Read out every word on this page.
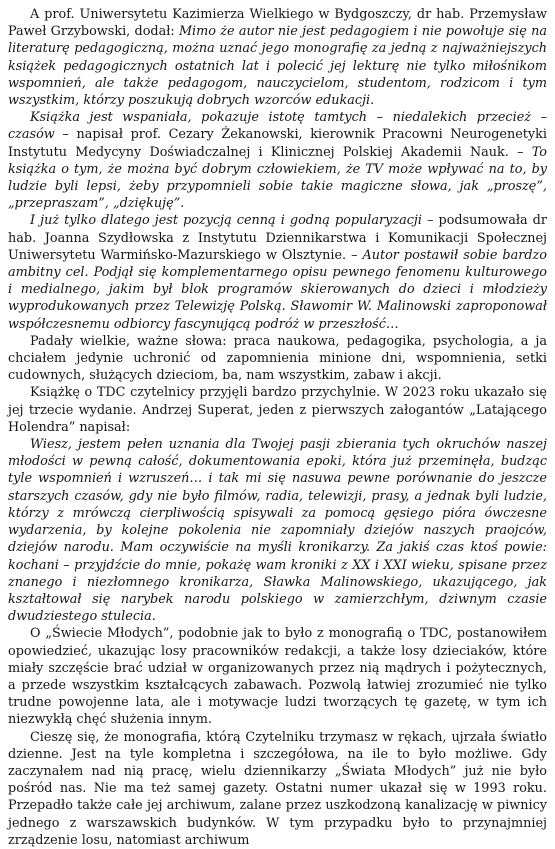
A prof. Uniwersytetu Kazimierza Wielkiego w Bydgoszczy, dr hab. Przemysław Paweł Grzybowski, dodał: Mimo że autor nie jest pedagogiem i nie powołuje się na literaturę pedagogiczną, można uznać jego monografię za jedną z najważniejszych książek pedagogicznych ostatnich lat i polecić jej lekturę nie tylko miłośnikom wspomnień, ale także pedagogom, nauczycielom, studentom, rodzicom i tym wszystkim, którzy poszukują dobrych wzorców edukacji.

Książka jest wspaniała, pokazuje istotę tamtych – niedalekich przecież – czasów – napisał prof. Cezary Żekanowski, kierownik Pracowni Neurogenetyki Instytutu Medycyny Doświadczalnej i Klinicznej Polskiej Akademii Nauk. – To książka o tym, że można być dobrym człowiekiem, że TV może wpływać na to, by ludzie byli lepsi, żeby przypomnieli sobie takie magiczne słowa, jak „proszę”, „przepraszam”, „dziękuję”.

I już tylko dlatego jest pozycją cenną i godną popularyzacji – podsumowała dr hab. Joanna Szydłowska z Instytutu Dziennikarstwa i Komunikacji Społecznej Uniwersytetu Warmińsko-Mazurskiego w Olsztynie. – Autor postawił sobie bardzo ambitny cel. Podjął się komplementarnego opisu pewnego fenomenu kulturowego i medialnego, jakim był blok programów skierowanych do dzieci i młodzieży wyprodukowanych przez Telewizję Polską. Sławomir W. Malinowski zaproponował współczesnemu odbiorcy fascynującą podróż w przeszłość…

Padały wielkie, ważne słowa: praca naukowa, pedagogika, psychologia, a ja chciałem jedynie uchronić od zapomnienia minione dni, wspomnienia, setki cudownych, służących dzieciom, ba, nam wszystkim, zabaw i akcji.

Książkę o TDC czytelnicy przyjęli bardzo przychylnie. W 2023 roku ukazało się jej trzecie wydanie. Andrzej Superat, jeden z pierwszych załogantów „Latającego Holendra” napisał:

Wiesz, jestem pełen uznania dla Twojej pasji zbierania tych okruchów naszej młodości w pewną całość, dokumentowania epoki, która już przeminęła, budząc tyle wspomnień i wzruszeń… i tak mi się nasuwa pewne porównanie do jeszcze starszych czasów, gdy nie było filmów, radia, telewizji, prasy, a jednak byli ludzie, którzy z mrówczą cierpliwością spisywali za pomocą gęsiego pióra ówczesne wydarzenia, by kolejne pokolenia nie zapomniały dziejów naszych praojców, dziejów narodu. Mam oczywiście na myśli kronikarzy. Za jakiś czas ktoś powie: kochani – przyjdźcie do mnie, pokażę wam kroniki z XX i XXI wieku, spisane przez znanego i niezłomnego kronikarza, Sławka Malinowskiego, ukazującego, jak kształtował się narybek narodu polskiego w zamierzchłym, dziwnym czasie dwudziestego stulecia.

O „Świecie Młodych”, podobnie jak to było z monografią o TDC, postanowiłem opowiedzieć, ukazując losy pracowników redakcji, a także losy dzieciaków, które miały szczęście brać udział w organizowanych przez nią mądrych i pożytecznych, a przede wszystkim kształcących zabawach. Pozwolą łatwiej zrozumieć nie tylko trudne powojenne lata, ale i motywacje ludzi tworzących tę gazetę, w tym ich niezwykłą chęć służenia innym.

Cieszę się, że monografia, którą Czytelniku trzymasz w rękach, ujrzała światło dzienne. Jest na tyle kompletna i szczegółowa, na ile to było możliwe. Gdy zaczynałem nad nią pracę, wielu dziennikarzy „Świata Młodych” już nie było pośród nas. Nie ma też samej gazety. Ostatni numer ukazał się w 1993 roku. Przepadło także całe jej archiwum, zalane przez uszkodzoną kanalizację w piwnicy jednego z warszawskich budynków. W tym przypadku było to przynajmniej zrządzenie losu, natomiast archiwum
